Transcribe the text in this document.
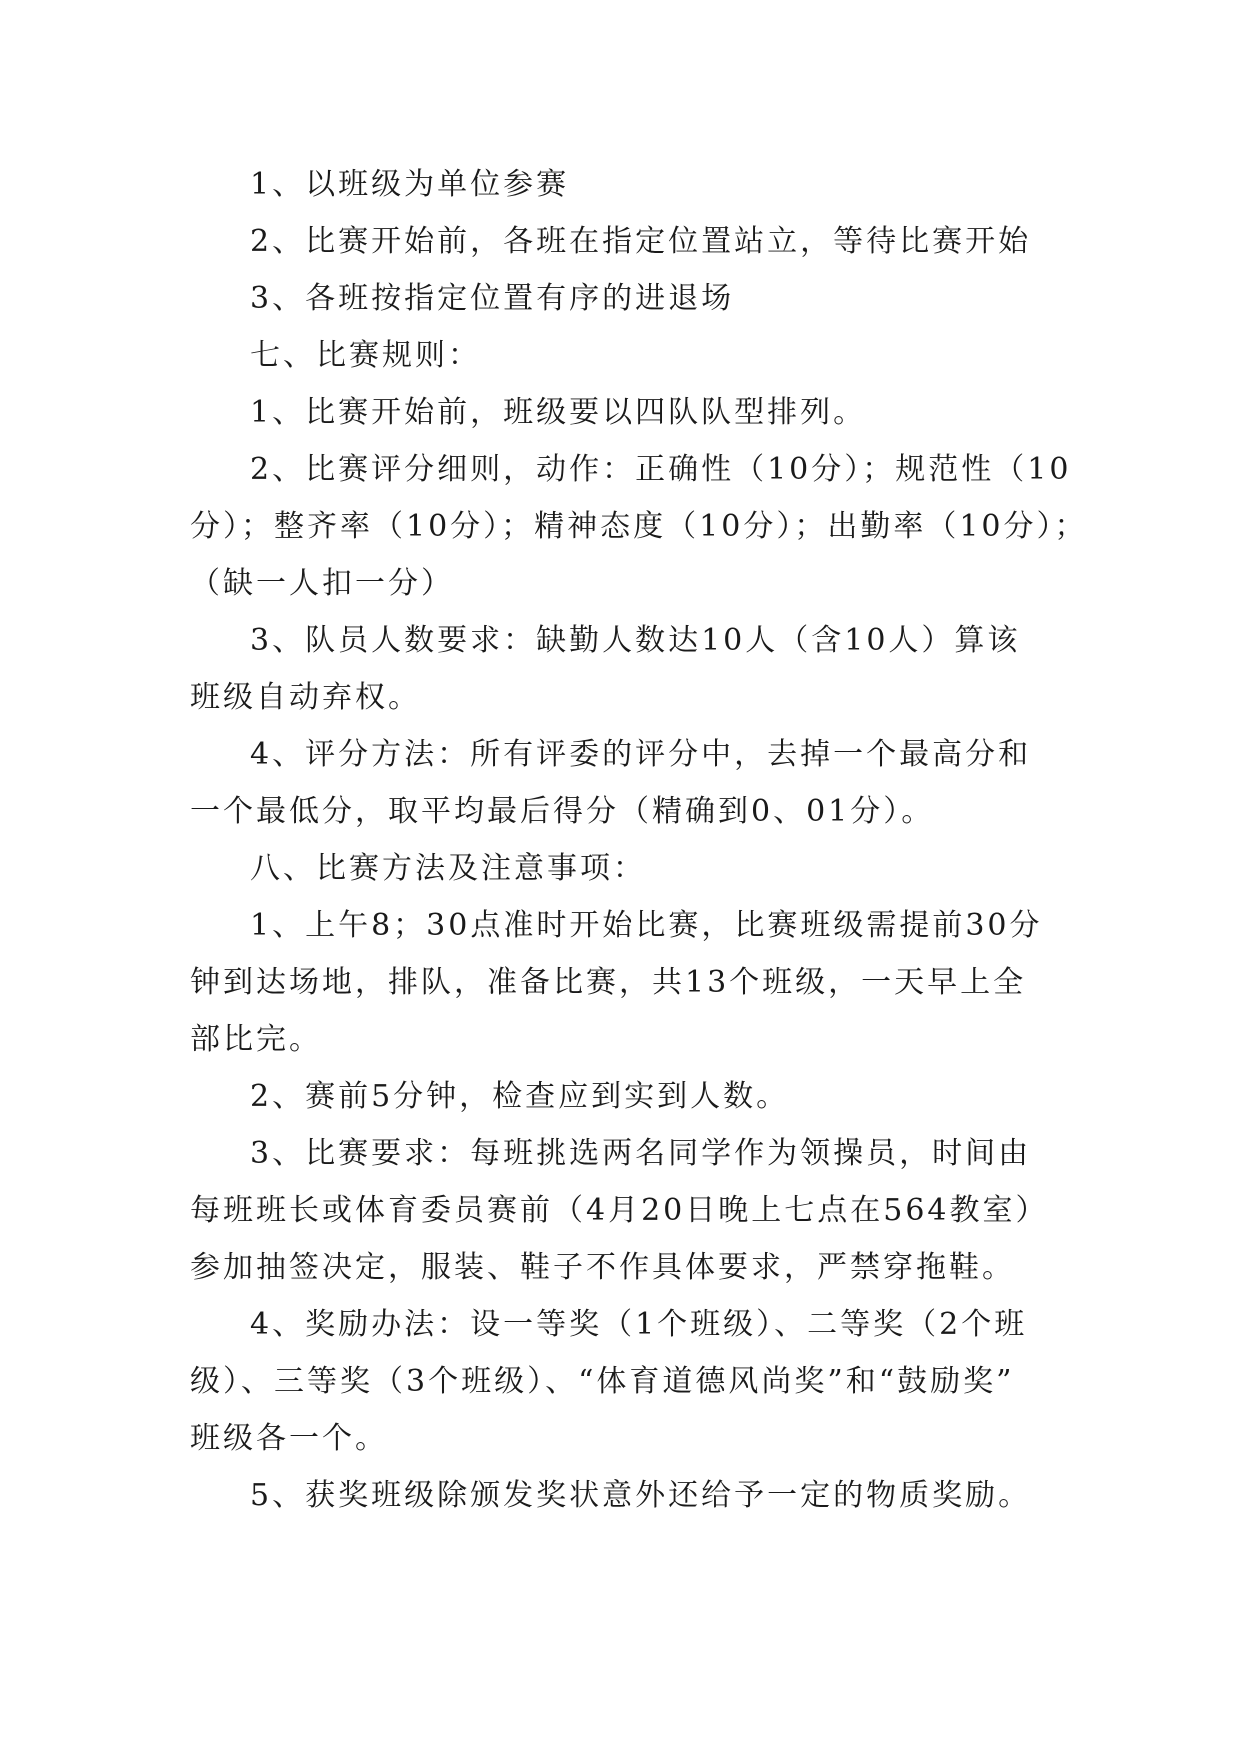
1、以班级为单位参赛
2、比赛开始前，各班在指定位置站立，等待比赛开始
3、各班按指定位置有序的进退场
七、比赛规则：
1、比赛开始前，班级要以四队队型排列。
2、比赛评分细则，动作：正确性（10分）；规范性（10
分）；整齐率（10分）；精神态度（10分）；出勤率（10分）；
（缺一人扣一分）
3、队员人数要求：缺勤人数达10人（含10人）算该
班级自动弃权。
4、评分方法：所有评委的评分中，去掉一个最高分和
一个最低分，取平均最后得分（精确到0、01分）。
八、比赛方法及注意事项：
1、上午8；30点准时开始比赛，比赛班级需提前30分
钟到达场地，排队，准备比赛，共13个班级，一天早上全
部比完。
2、赛前5分钟，检查应到实到人数。
3、比赛要求：每班挑选两名同学作为领操员，时间由
每班班长或体育委员赛前（4月20日晚上七点在564教室）
参加抽签决定，服装、鞋子不作具体要求，严禁穿拖鞋。
4、奖励办法：设一等奖（1个班级）、二等奖（2个班
级）、三等奖（3个班级）、“体育道德风尚奖”和“鼓励奖”
班级各一个。
5、获奖班级除颁发奖状意外还给予一定的物质奖励。
